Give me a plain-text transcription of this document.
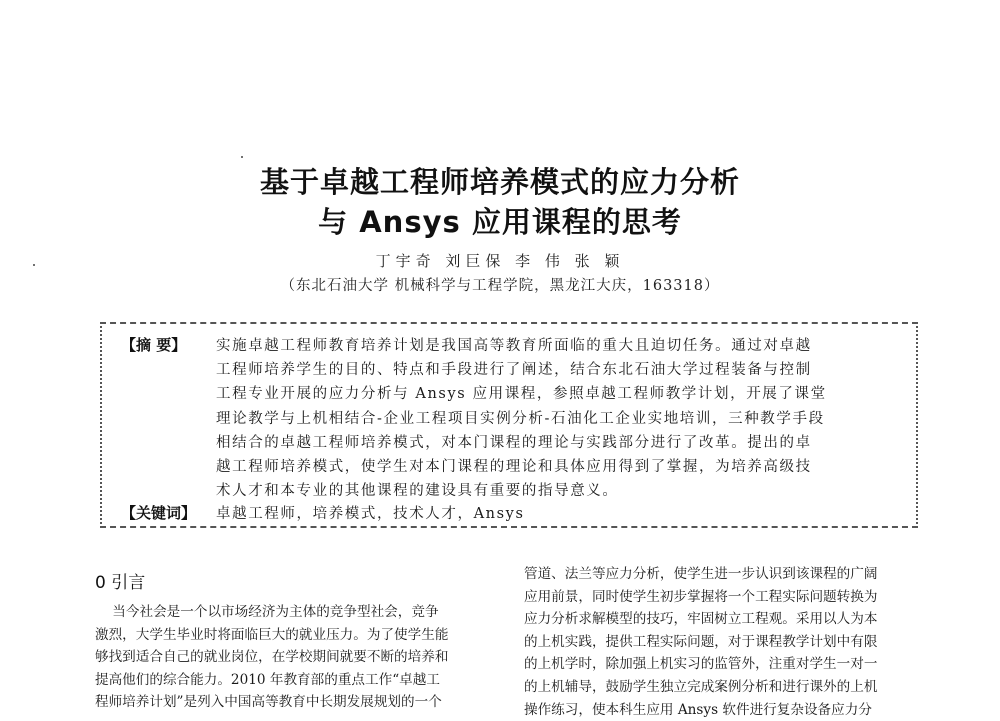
基于卓越工程师培养模式的应力分析
与 Ansys 应用课程的思考
丁宇奇 刘巨保 李 伟 张 颖
（东北石油大学 机械科学与工程学院，黑龙江大庆，163318）
【摘 要】 实施卓越工程师教育培养计划是我国高等教育所面临的重大且迫切任务。通过对卓越
工程师培养学生的目的、特点和手段进行了阐述，结合东北石油大学过程装备与控制
工程专业开展的应力分析与 Ansys 应用课程，参照卓越工程师教学计划，开展了课堂
理论教学与上机相结合-企业工程项目实例分析-石油化工企业实地培训，三种教学手段
相结合的卓越工程师培养模式，对本门课程的理论与实践部分进行了改革。提出的卓
越工程师培养模式，使学生对本门课程的理论和具体应用得到了掌握，为培养高级技
术人才和本专业的其他课程的建设具有重要的指导意义。
【关键词】 卓越工程师，培养模式，技术人才，Ansys
0 引言
当今社会是一个以市场经济为主体的竞争型社会，竞争
激烈，大学生毕业时将面临巨大的就业压力。为了使学生能
够找到适合自己的就业岗位，在学校期间就要不断的培养和
提高他们的综合能力。2010 年教育部的重点工作“卓越工
程师培养计划”是列入中国高等教育中长期发展规划的一个
管道、法兰等应力分析，使学生进一步认识到该课程的广阔
应用前景，同时使学生初步掌握将一个工程实际问题转换为
应力分析求解模型的技巧，牢固树立工程观。采用以人为本
的上机实践，提供工程实际问题，对于课程教学计划中有限
的上机学时，除加强上机实习的监管外，注重对学生一对一
的上机辅导，鼓励学生独立完成案例分析和进行课外的上机
操作练习，使本科生应用 Ansys 软件进行复杂设备应力分
